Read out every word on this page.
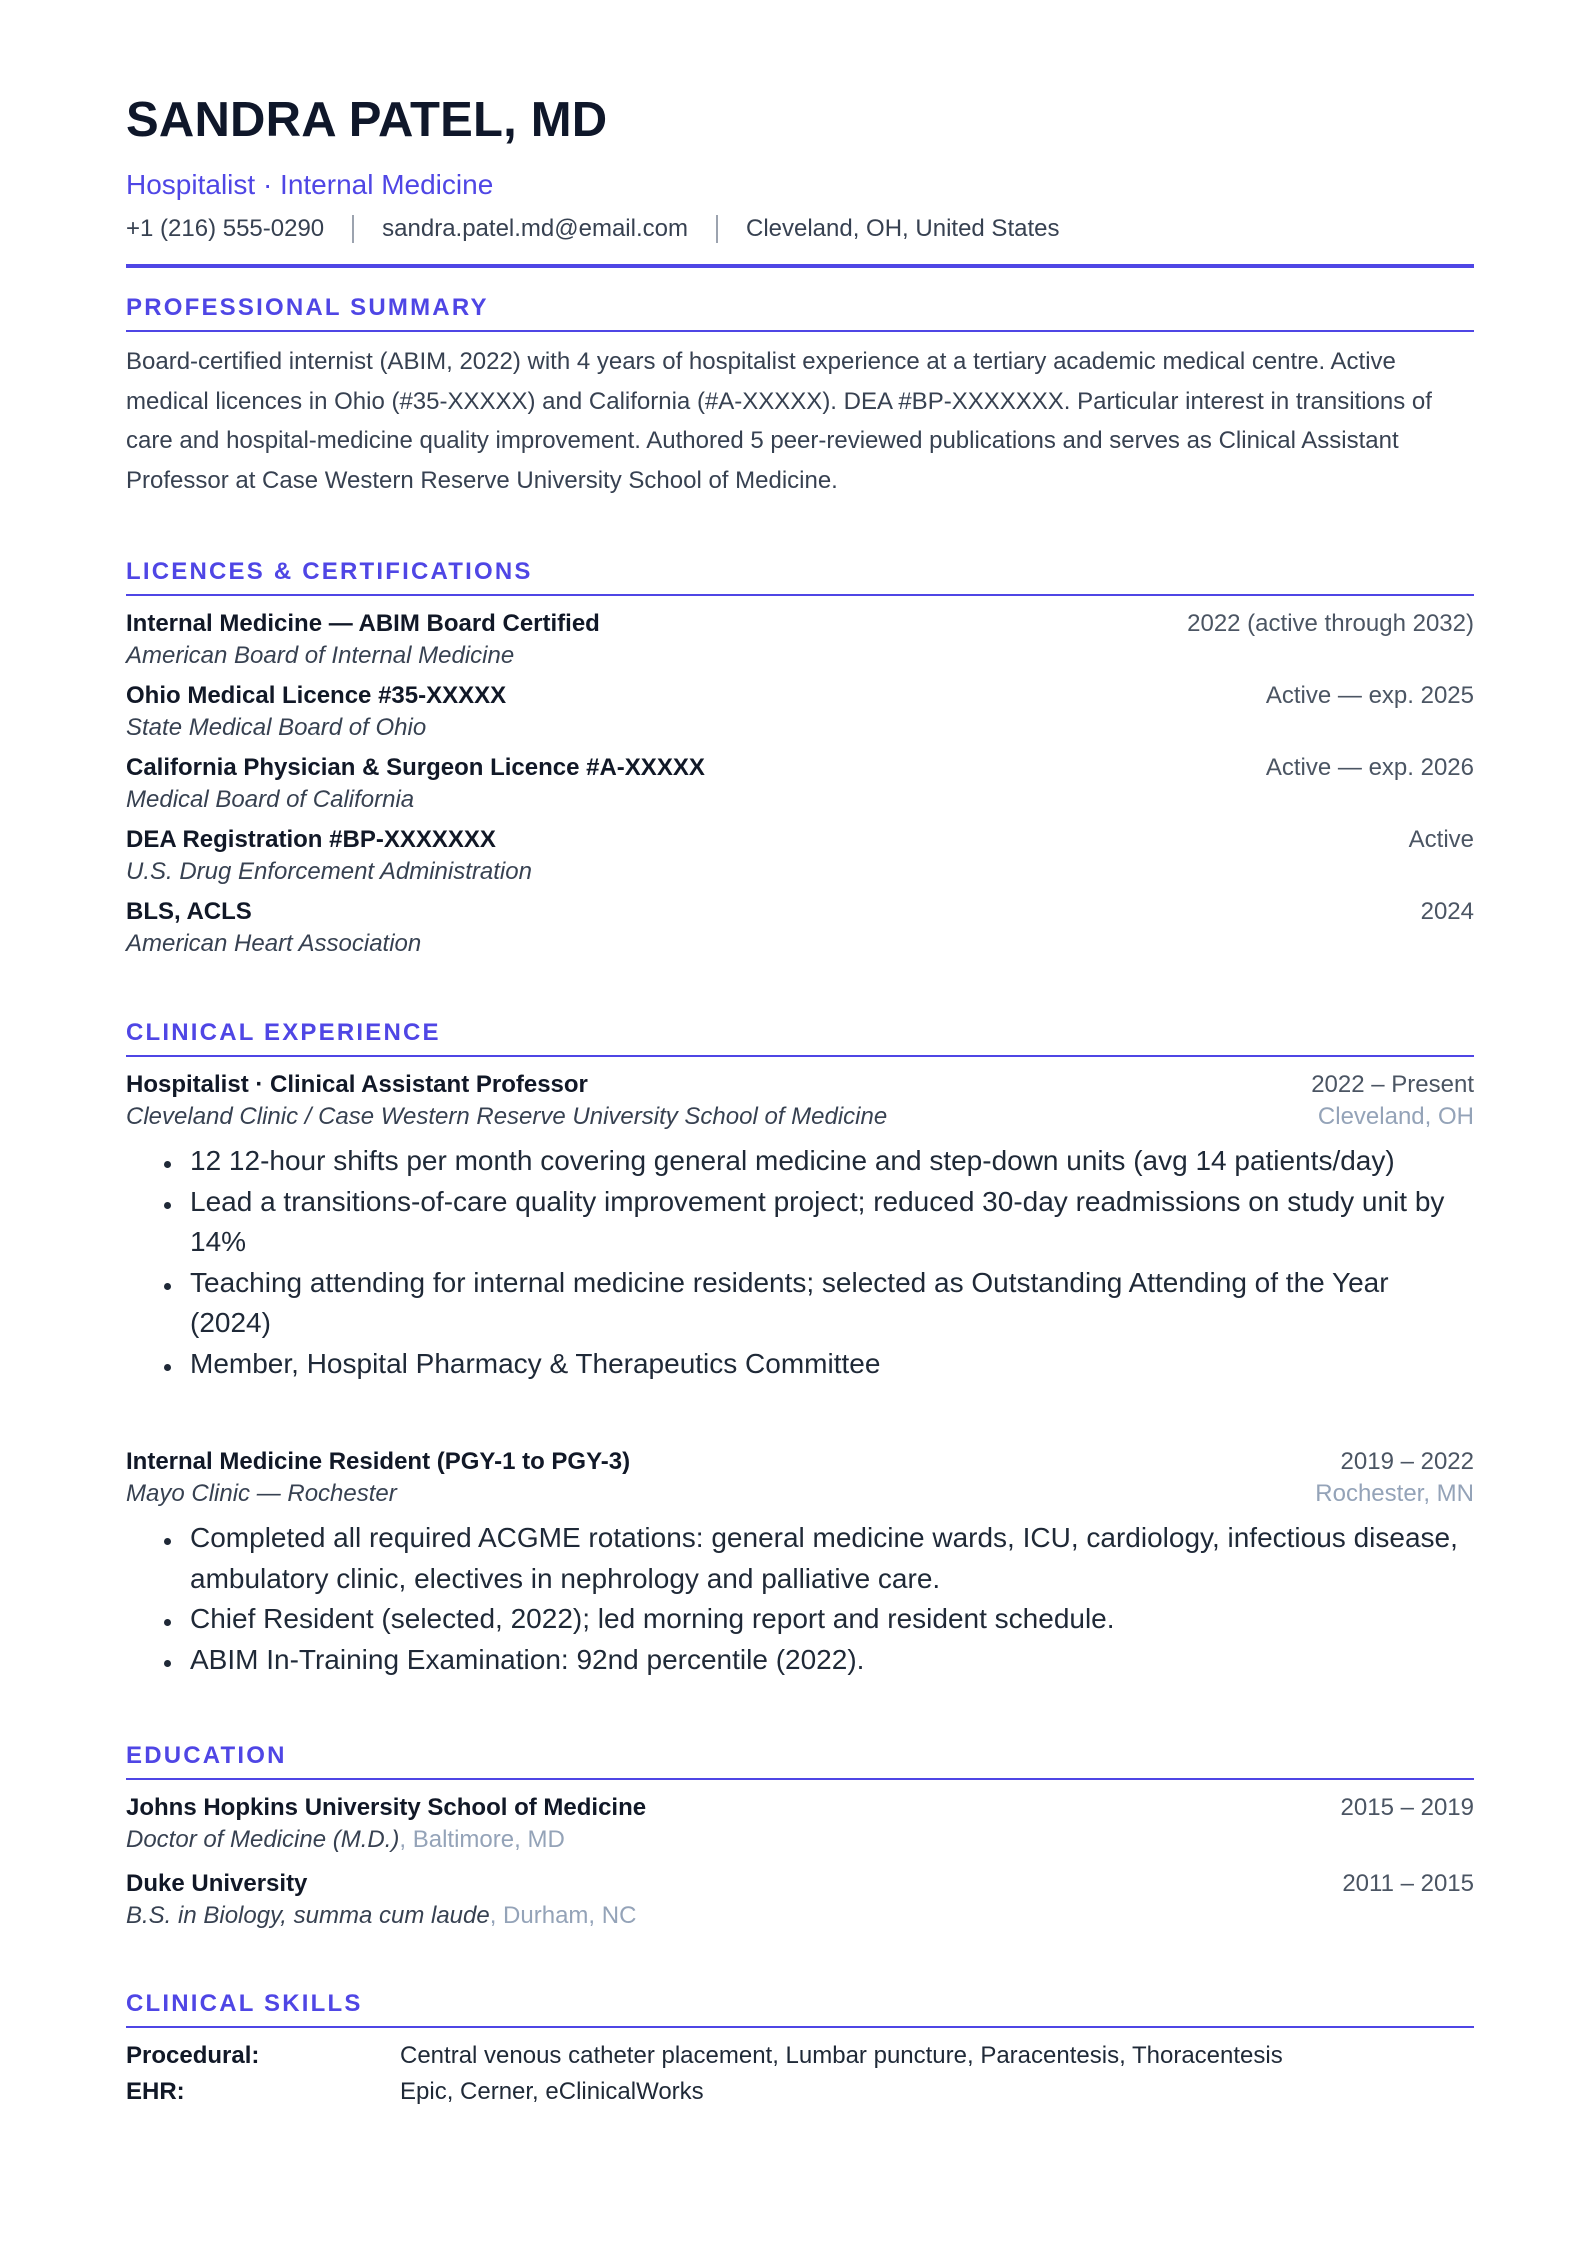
SANDRA PATEL, MD
Hospitalist · Internal Medicine
+1 (216) 555-0290 sandra.patel.md@email.com Cleveland, OH, United States
PROFESSIONAL SUMMARY
Board-certified internist (ABIM, 2022) with 4 years of hospitalist experience at a tertiary academic medical centre. Active medical licences in Ohio (#35-XXXXX) and California (#A-XXXXX). DEA #BP-XXXXXXX. Particular interest in transitions of care and hospital-medicine quality improvement. Authored 5 peer-reviewed publications and serves as Clinical Assistant Professor at Case Western Reserve University School of Medicine.
LICENCES & CERTIFICATIONS
Internal Medicine — ABIM Board Certified	2022 (active through 2032)
American Board of Internal Medicine
Ohio Medical Licence #35-XXXXX	Active — exp. 2025
State Medical Board of Ohio
California Physician & Surgeon Licence #A-XXXXX	Active — exp. 2026
Medical Board of California
DEA Registration #BP-XXXXXXX	Active
U.S. Drug Enforcement Administration
BLS, ACLS	2024
American Heart Association
CLINICAL EXPERIENCE
Hospitalist · Clinical Assistant Professor	2022 – Present
Cleveland Clinic / Case Western Reserve University School of Medicine	Cleveland, OH
12 12-hour shifts per month covering general medicine and step-down units (avg 14 patients/day)
Lead a transitions-of-care quality improvement project; reduced 30-day readmissions on study unit by 14%
Teaching attending for internal medicine residents; selected as Outstanding Attending of the Year (2024)
Member, Hospital Pharmacy & Therapeutics Committee
Internal Medicine Resident (PGY-1 to PGY-3)	2019 – 2022
Mayo Clinic — Rochester	Rochester, MN
Completed all required ACGME rotations: general medicine wards, ICU, cardiology, infectious disease, ambulatory clinic, electives in nephrology and palliative care.
Chief Resident (selected, 2022); led morning report and resident schedule.
ABIM In-Training Examination: 92nd percentile (2022).
EDUCATION
Johns Hopkins University School of Medicine	2015 – 2019
Doctor of Medicine (M.D.), Baltimore, MD
Duke University	2011 – 2015
B.S. in Biology, summa cum laude, Durham, NC
CLINICAL SKILLS
Procedural:	Central venous catheter placement, Lumbar puncture, Paracentesis, Thoracentesis
EHR:	Epic, Cerner, eClinicalWorks
